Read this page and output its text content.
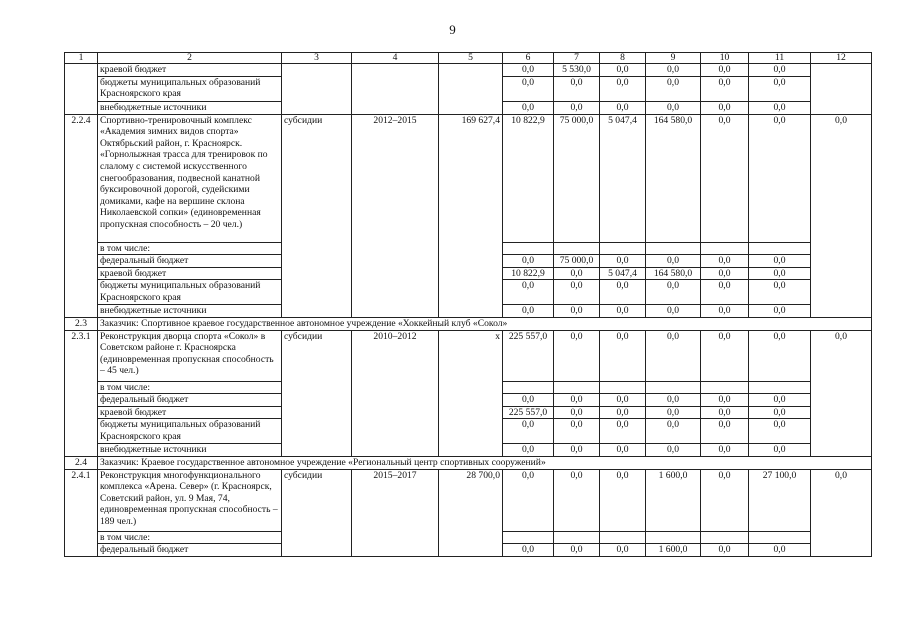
9
1	2	3	4	5	6	7	8	9	10	11	12
	краевой бюджет				0,0	5 530,0	0,0	0,0	0,0	0,0	
	бюджеты муниципальных образований Красноярского края				0,0	0,0	0,0	0,0	0,0	0,0	
	внебюджетные источники				0,0	0,0	0,0	0,0	0,0	0,0	
2.2.4	Спортивно-тренировочный комплекс «Академия зимних видов спорта» Октябрьский район, г. Красноярск. «Горнолыжная трасса для тренировок по слалому с системой искусственного снегообразования, подвесной канатной буксировочной дорогой, судейскими домиками, кафе на вершине склона Николаевской сопки» (единовременная пропускная способность – 20 чел.)	субсидии	2012–2015	169 627,4	10 822,9	75 000,0	5 047,4	164 580,0	0,0	0,0	0,0
	в том числе:										
	федеральный бюджет				0,0	75 000,0	0,0	0,0	0,0	0,0	
	краевой бюджет				10 822,9	0,0	5 047,4	164 580,0	0,0	0,0	
	бюджеты муниципальных образований Красноярского края				0,0	0,0	0,0	0,0	0,0	0,0	
	внебюджетные источники				0,0	0,0	0,0	0,0	0,0	0,0	
2.3	Заказчик: Спортивное краевое государственное автономное учреждение «Хоккейный клуб «Сокол»										
2.3.1	Реконструкция дворца спорта «Сокол» в Советском районе г. Красноярска (единовременная пропускная способность – 45 чел.)	субсидии	2010–2012	х	225 557,0	0,0	0,0	0,0	0,0	0,0	0,0
	в том числе:										
	федеральный бюджет				0,0	0,0	0,0	0,0	0,0	0,0	
	краевой бюджет				225 557,0	0,0	0,0	0,0	0,0	0,0	
	бюджеты муниципальных образований Красноярского края				0,0	0,0	0,0	0,0	0,0	0,0	
	внебюджетные источники				0,0	0,0	0,0	0,0	0,0	0,0	
2.4	Заказчик: Краевое государственное автономное учреждение «Региональный центр спортивных сооружений»										
2.4.1	Реконструкция многофункционального комплекса «Арена. Север» (г. Красноярск, Советский район, ул. 9 Мая, 74, единовременная пропускная способность – 189 чел.)	субсидии	2015–2017	28 700,0	0,0	0,0	0,0	1 600,0	0,0	27 100,0	0,0
	в том числе:										
	федеральный бюджет				0,0	0,0	0,0	1 600,0	0,0	0,0	
